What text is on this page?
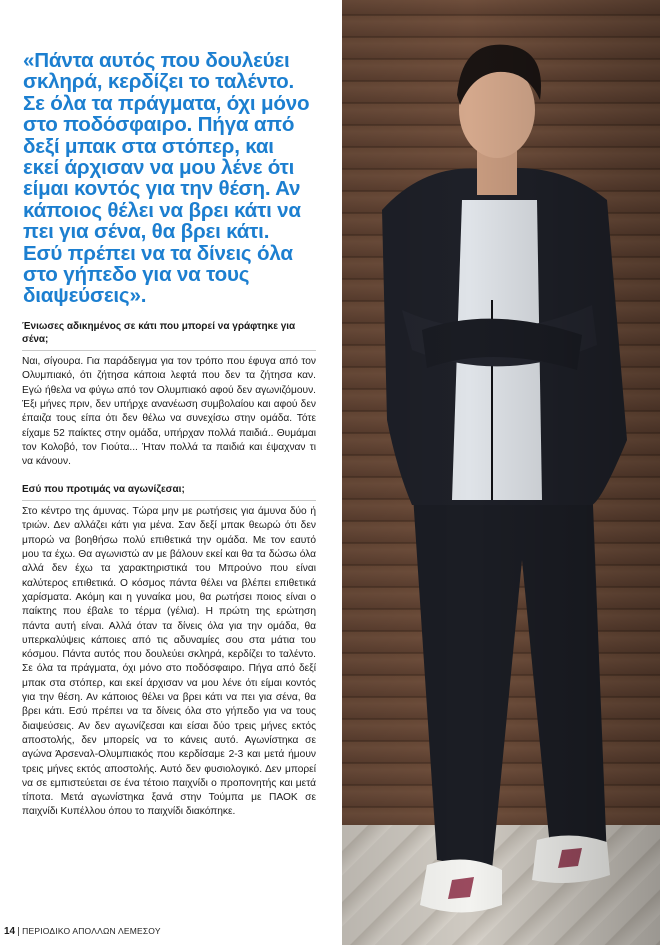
«Πάντα αυτός που δουλεύει σκληρά, κερδίζει το ταλέντο. Σε όλα τα πράγματα, όχι μόνο στο ποδόσφαιρο. Πήγα από δεξί μπακ στα στόπερ, και εκεί άρχισαν να μου λένε ότι είμαι κοντός για την θέση. Αν κάποιος θέλει να βρει κάτι να πει για σένα, θα βρει κάτι. Εσύ πρέπει να τα δίνεις όλα στο γήπεδο για να τους διαψεύσεις».

Ένιωσες αδικημένος σε κάτι που μπορεί να γράφτηκε για σένα;

Ναι, σίγουρα. Για παράδειγμα για τον τρόπο που έφυγα από τον Ολυμπιακό, ότι ζήτησα κάποια λεφτά που δεν τα ζήτησα καν. Εγώ ήθελα να φύγω από τον Ολυμπιακό αφού δεν αγωνιζόμουν. Έξι μήνες πριν, δεν υπήρχε ανανέωση συμβολαίου και αφού δεν έπαιζα τους είπα ότι δεν θέλω να συνεχίσω στην ομάδα. Τότε είχαμε 52 παίκτες στην ομάδα, υπήρχαν πολλά παιδιά.. Θυμάμαι τον Κολοβό, τον Γιούτα... Ήταν πολλά τα παιδιά και έψαχναν τι να κάνουν.

Εσύ που προτιμάς να αγωνίζεσαι;

Στο κέντρο της άμυνας. Τώρα μην με ρωτήσεις για άμυνα δύο ή τριών. Δεν αλλάζει κάτι για μένα. Σαν δεξί μπακ θεωρώ ότι δεν μπορώ να βοηθήσω πολύ επιθετικά την ομάδα. Με τον εαυτό μου τα έχω. Θα αγωνιστώ αν με βάλουν εκεί και θα τα δώσω όλα αλλά δεν έχω τα χαρακτηριστικά του Μπρούνο που είναι καλύτερος επιθετικά. Ο κόσμος πάντα θέλει να βλέπει επιθετικά χαρίσματα. Ακόμη και η γυναίκα μου, θα ρωτήσει ποιος είναι ο παίκτης που έβαλε το τέρμα (γέλια). Η πρώτη της ερώτηση πάντα αυτή είναι. Αλλά όταν τα δίνεις όλα για την ομάδα, θα υπερκαλύψεις κάποιες από τις αδυναμίες σου στα μάτια του κόσμου. Πάντα αυτός που δουλεύει σκληρά, κερδίζει το ταλέντο. Σε όλα τα πράγματα, όχι μόνο στο ποδόσφαιρο. Πήγα από δεξί μπακ στα στόπερ, και εκεί άρχισαν να μου λένε ότι είμαι κοντός για την θέση. Αν κάποιος θέλει να βρει κάτι να πει για σένα, θα βρει κάτι. Εσύ πρέπει να τα δίνεις όλα στο γήπεδο για να τους διαψεύσεις. Αν δεν αγωνίζεσαι και είσαι δύο τρεις μήνες εκτός αποστολής, δεν μπορείς να το κάνεις αυτό. Αγωνίστηκα σε αγώνα Άρσεναλ-Ολυμπιακός που κερδίσαμε 2-3 και μετά ήμουν τρεις μήνες εκτός αποστολής. Αυτό δεν φυσιολογικό. Δεν μπορεί να σε εμπιστεύεται σε ένα τέτοιο παιχνίδι ο προπονητής και μετά τίποτα. Μετά αγωνίστηκα ξανά στην Τούμπα με ΠΑΟΚ σε παιχνίδι Κυπέλλου όπου το παιχνίδι διακόπηκε.

14 ΠΕΡΙΟΔΙΚΟ ΑΠΟΛΛΩΝ ΛΕΜΕΣΟΥ
